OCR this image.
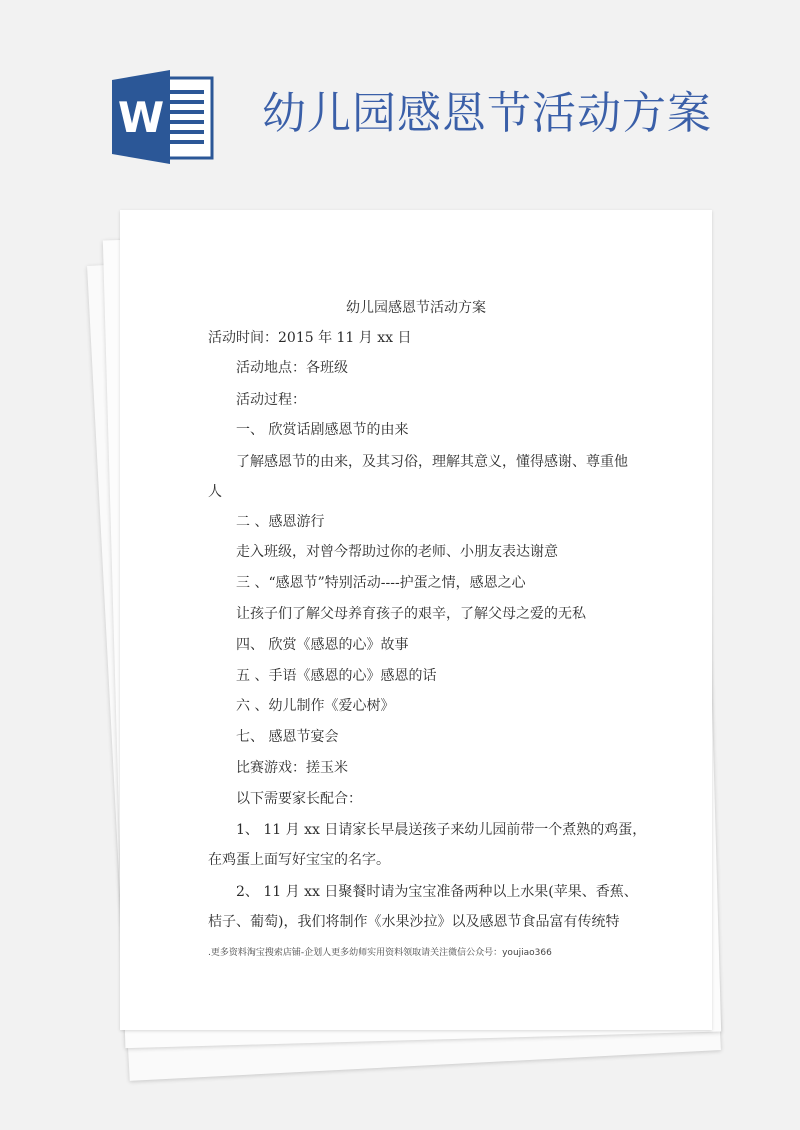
W 幼儿园感恩节活动方案
幼儿园感恩节活动方案
活动时间：2015 年 11 月 xx 日
活动地点：各班级
活动过程：
一、 欣赏话剧感恩节的由来
了解感恩节的由来，及其习俗，理解其意义，懂得感谢、尊重他
人
二 、感恩游行
走入班级，对曾今帮助过你的老师、小朋友表达谢意
三 、“感恩节”特别活动----护蛋之情，感恩之心
让孩子们了解父母养育孩子的艰辛，了解父母之爱的无私
四、 欣赏《感恩的心》故事
五 、手语《感恩的心》感恩的话
六 、幼儿制作《爱心树》
七、 感恩节宴会
比赛游戏：搓玉米
以下需要家长配合：
1、 11 月 xx 日请家长早晨送孩子来幼儿园前带一个煮熟的鸡蛋，
在鸡蛋上面写好宝宝的名字。
2、 11 月 xx 日聚餐时请为宝宝准备两种以上水果(苹果、香蕉、
桔子、葡萄)，我们将制作《水果沙拉》以及感恩节食品富有传统特
.更多资料淘宝搜索店铺-企划人更多幼师实用资料领取请关注微信公众号：youjiao366
